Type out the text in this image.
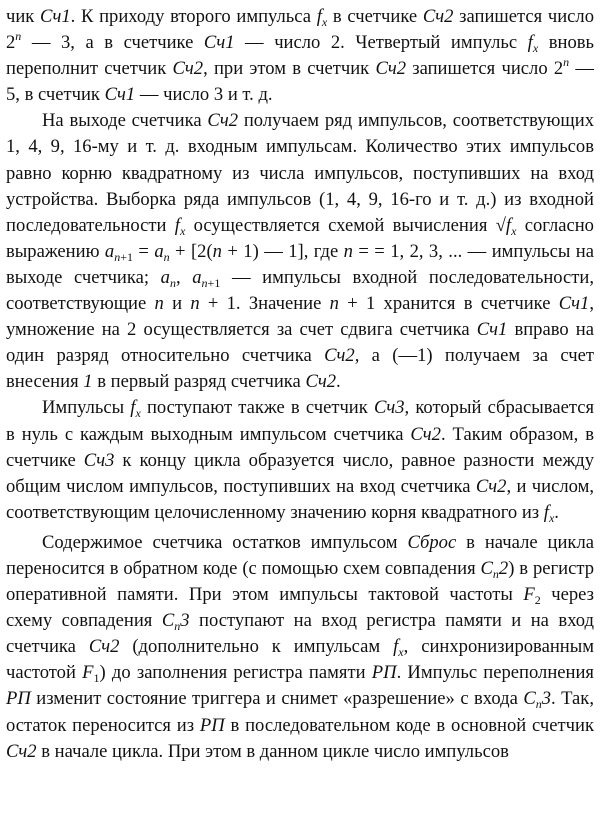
чик Сч1. К приходу второго импульса $f_x$ в счетчике Сч2 запишется число 2$^n$ — 3, а в счетчике Сч1 — число 2. Четвертый импульс $f_x$ вновь переполнит счетчик Сч2, при этом в счетчик Сч2 запишется число 2$^n$ — 5, в счетчик Сч1 — число 3 и т. д.

На выходе счетчика Сч2 получаем ряд импульсов, соответствующих 1, 4, 9, 16-му и т. д. входным импульсам. Количество этих импульсов равно корню квадратному из числа импульсов, поступивших на вход устройства. Выборка ряда импульсов (1, 4, 9, 16-го и т. д.) из входной последовательности $f_x$ осуществляется схемой вычисления $√f_x$ согласно выражению $a_{n+1} = a_n + [2(n + 1)$ — 1], где n = = 1, 2, 3, ... — импульсы на выходе счетчика; $a_n$, $a_{n+1}$ — импульсы входной последовательности, соответствующие n и n + 1. Значение n + 1 хранится в счетчике Сч1, умножение на 2 осуществляется за счет сдвига счетчика Сч1 вправо на один разряд относительно счетчика Сч2, а (—1) получаем за счет внесения 1 в первый разряд счетчика Сч2.

Импульсы $f_x$ поступают также в счетчик Сч3, который сбрасывается в нуль с каждым выходным импульсом счетчика Сч2. Таким образом, в счетчике Сч3 к концу цикла образуется число, равное разности между общим числом импульсов, поступивших на вход счетчика Сч2, и числом, соответствующим целочисленному значению корня квадратного из $f_x$.

Содержимое счетчика остатков импульсом Сброс в начале цикла переносится в обратном коде (с помощью схем совпадения $С_п2$) в регистр оперативной памяти. При этом импульсы тактовой частоты $F_2$ через схему совпадения $С_п3$ поступают на вход регистра памяти и на вход счетчика Сч2 (дополнительно к импульсам $f_x$, синхронизированным частотой $F_1$) до заполнения регистра памяти РП. Импульс переполнения РП изменит состояние триггера и снимет «разрешение» с входа $С_п3$. Так, остаток переносится из РП в последовательном коде в основной счетчик Сч2 в начале цикла. При этом в данном цикле число импульсов
